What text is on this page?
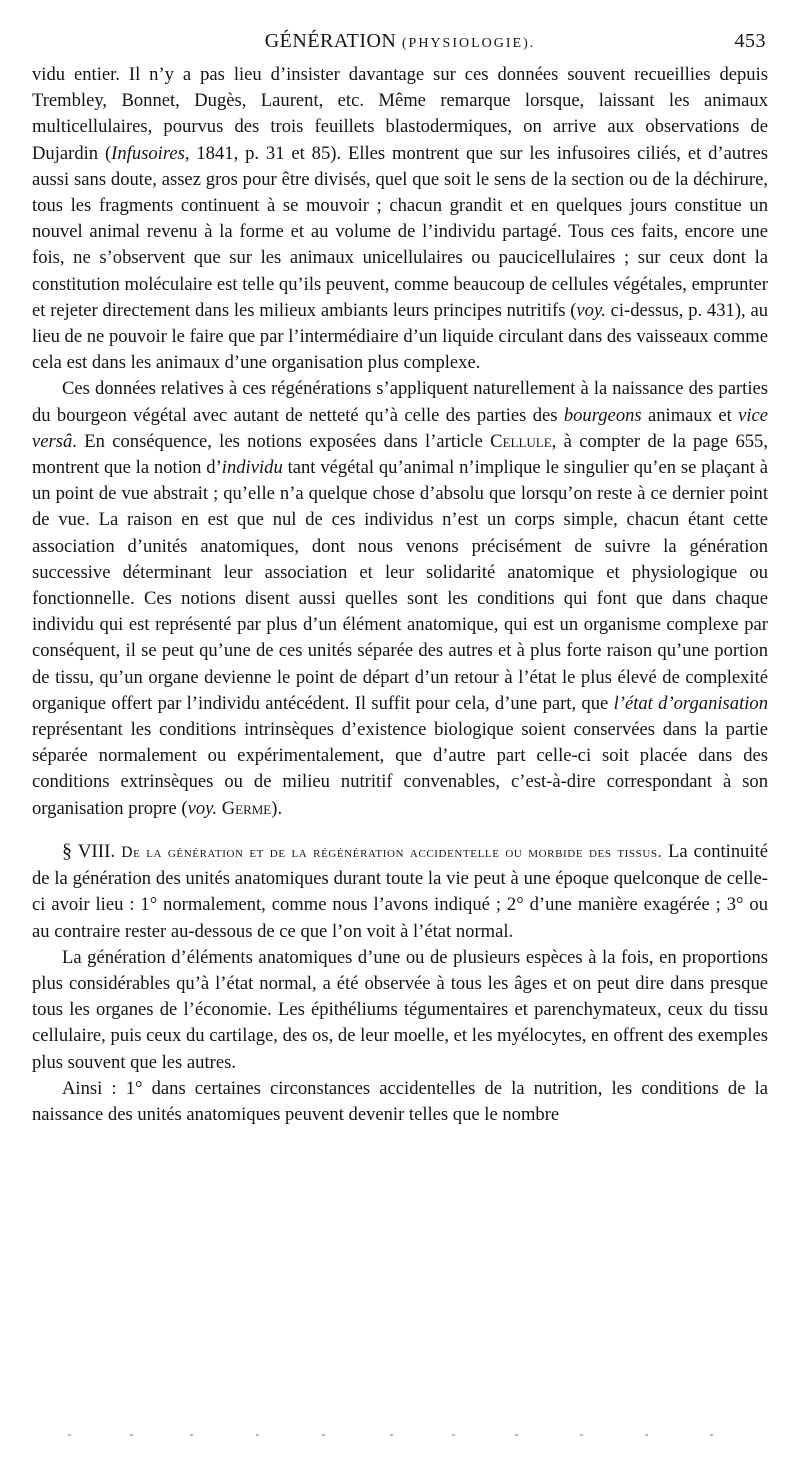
GÉNÉRATION (PHYSIOLOGIE).	453

vidu entier. Il n’y a pas lieu d’insister davantage sur ces données souvent recueillies depuis Trembley, Bonnet, Dugès, Laurent, etc. Même remarque lorsque, laissant les animaux multicellulaires, pourvus des trois feuillets blastodermiques, on arrive aux observations de Dujardin (Infusoires, 1841, p. 31 et 85). Elles montrent que sur les infusoires ciliés, et d’autres aussi sans doute, assez gros pour être divisés, quel que soit le sens de la section ou de la déchirure, tous les fragments continuent à se mouvoir ; chacun grandit et en quelques jours constitue un nouvel animal revenu à la forme et au volume de l’individu partagé. Tous ces faits, encore une fois, ne s’observent que sur les animaux unicellulaires ou paucicellulaires ; sur ceux dont la constitution moléculaire est telle qu’ils peuvent, comme beaucoup de cellules végétales, emprunter et rejeter directement dans les milieux ambiants leurs principes nutritifs (voy. ci-dessus, p. 431), au lieu de ne pouvoir le faire que par l’intermédiaire d’un liquide circulant dans des vaisseaux comme cela est dans les animaux d’une organisation plus complexe.

Ces données relatives à ces régénérations s’appliquent naturellement à la naissance des parties du bourgeon végétal avec autant de netteté qu’à celle des parties des bourgeons animaux et vice versâ. En conséquence, les notions exposées dans l’article Cellule, à compter de la page 655, montrent que la notion d’individu tant végétal qu’animal n’implique le singulier qu’en se plaçant à un point de vue abstrait ; qu’elle n’a quelque chose d’absolu que lorsqu’on reste à ce dernier point de vue. La raison en est que nul de ces individus n’est un corps simple, chacun étant cette association d’unités anatomiques, dont nous venons précisément de suivre la génération successive déterminant leur association et leur solidarité anatomique et physiologique ou fonctionnelle. Ces notions disent aussi quelles sont les conditions qui font que dans chaque individu qui est représenté par plus d’un élément anatomique, qui est un organisme complexe par conséquent, il se peut qu’une de ces unités séparée des autres et à plus forte raison qu’une portion de tissu, qu’un organe devienne le point de départ d’un retour à l’état le plus élevé de complexité organique offert par l’individu antécédent. Il suffit pour cela, d’une part, que l’état d’organisation représentant les conditions intrinsèques d’existence biologique soient conservées dans la partie séparée normalement ou expérimentalement, que d’autre part celle-ci soit placée dans des conditions extrinsèques ou de milieu nutritif convenables, c’est-à-dire correspondant à son organisation propre (voy. Germe).

§ VIII. De la génération et de la régénération accidentelle ou morbide des tissus. La continuité de la génération des unités anatomiques durant toute la vie peut à une époque quelconque de celle-ci avoir lieu : 1° normalement, comme nous l’avons indiqué ; 2° d’une manière exagérée ; 3° ou au contraire rester au-dessous de ce que l’on voit à l’état normal.

La génération d’éléments anatomiques d’une ou de plusieurs espèces à la fois, en proportions plus considérables qu’à l’état normal, a été observée à tous les âges et on peut dire dans presque tous les organes de l’économie. Les épithéliums tégumentaires et parenchymateux, ceux du tissu cellulaire, puis ceux du cartilage, des os, de leur moelle, et les myélocytes, en offrent des exemples plus souvent que les autres.

Ainsi : 1° dans certaines circonstances accidentelles de la nutrition, les conditions de la naissance des unités anatomiques peuvent devenir telles que le nombre
